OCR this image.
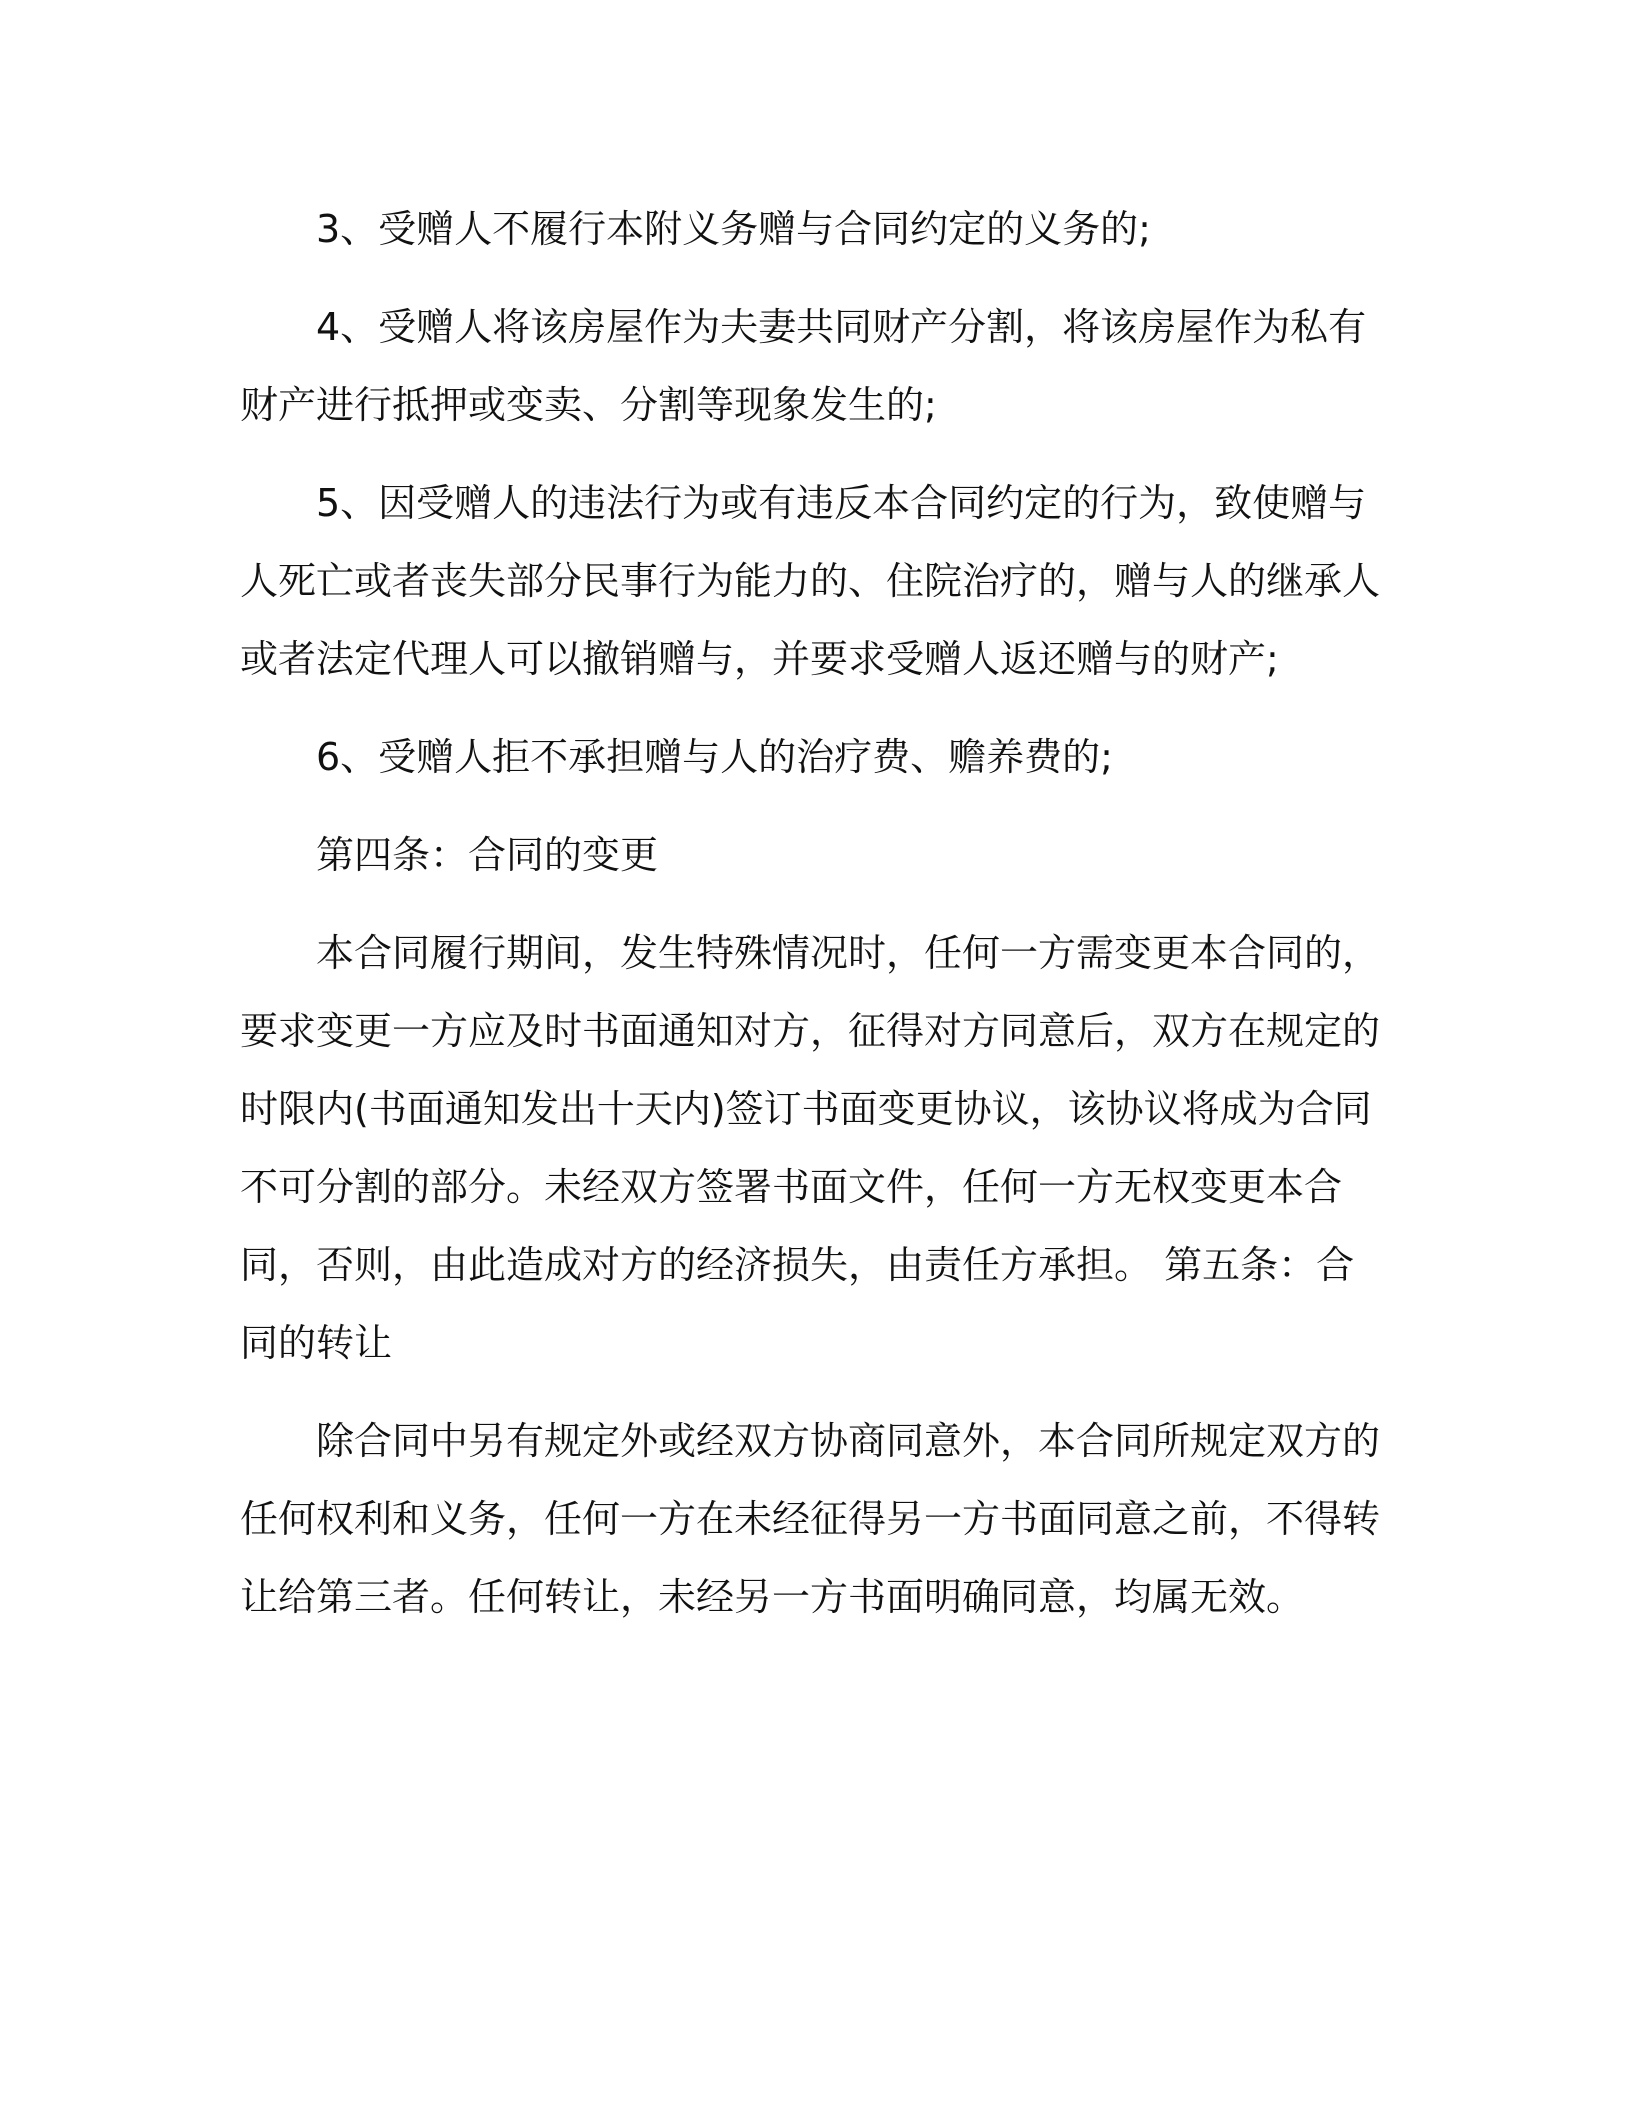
3、受赠人不履行本附义务赠与合同约定的义务的;

4、受赠人将该房屋作为夫妻共同财产分割，将该房屋作为私有财产进行抵押或变卖、分割等现象发生的;

5、因受赠人的违法行为或有违反本合同约定的行为，致使赠与人死亡或者丧失部分民事行为能力的、住院治疗的，赠与人的继承人或者法定代理人可以撤销赠与，并要求受赠人返还赠与的财产;

6、受赠人拒不承担赠与人的治疗费、赡养费的;

第四条：合同的变更

本合同履行期间，发生特殊情况时，任何一方需变更本合同的，要求变更一方应及时书面通知对方，征得对方同意后，双方在规定的时限内(书面通知发出十天内)签订书面变更协议，该协议将成为合同不可分割的部分。未经双方签署书面文件，任何一方无权变更本合同，否则，由此造成对方的经济损失，由责任方承担。 第五条：合同的转让

除合同中另有规定外或经双方协商同意外，本合同所规定双方的任何权利和义务，任何一方在未经征得另一方书面同意之前，不得转让给第三者。任何转让，未经另一方书面明确同意，均属无效。
